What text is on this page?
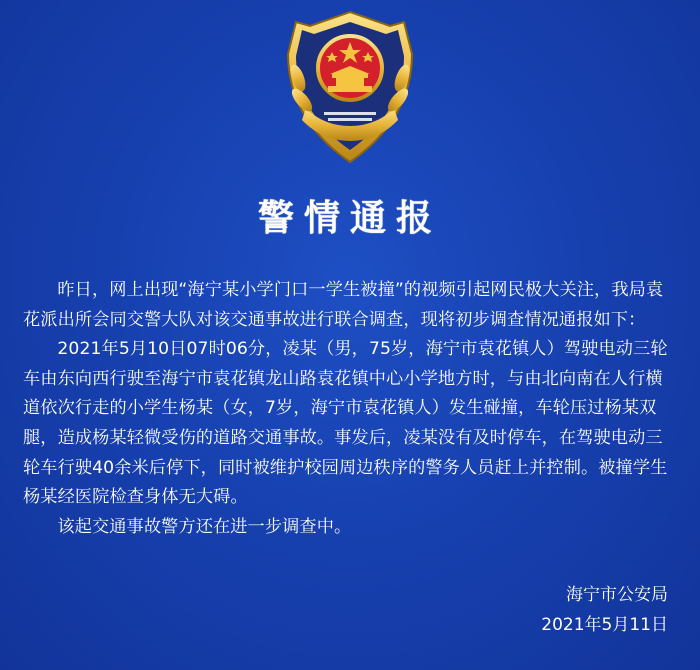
警情通报

昨日，网上出现“海宁某小学门口一学生被撞”的视频引起网民极大关注，我局袁花派出所会同交警大队对该交通事故进行联合调查，现将初步调查情况通报如下：

2021年5月10日07时06分，凌某（男，75岁，海宁市袁花镇人）驾驶电动三轮车由东向西行驶至海宁市袁花镇龙山路袁花镇中心小学地方时，与由北向南在人行横道依次行走的小学生杨某（女，7岁，海宁市袁花镇人）发生碰撞，车轮压过杨某双腿，造成杨某轻微受伤的道路交通事故。事发后，凌某没有及时停车，在驾驶电动三轮车行驶40余米后停下，同时被维护校园周边秩序的警务人员赶上并控制。被撞学生杨某经医院检查身体无大碍。

该起交通事故警方还在进一步调查中。

海宁市公安局
2021年5月11日
